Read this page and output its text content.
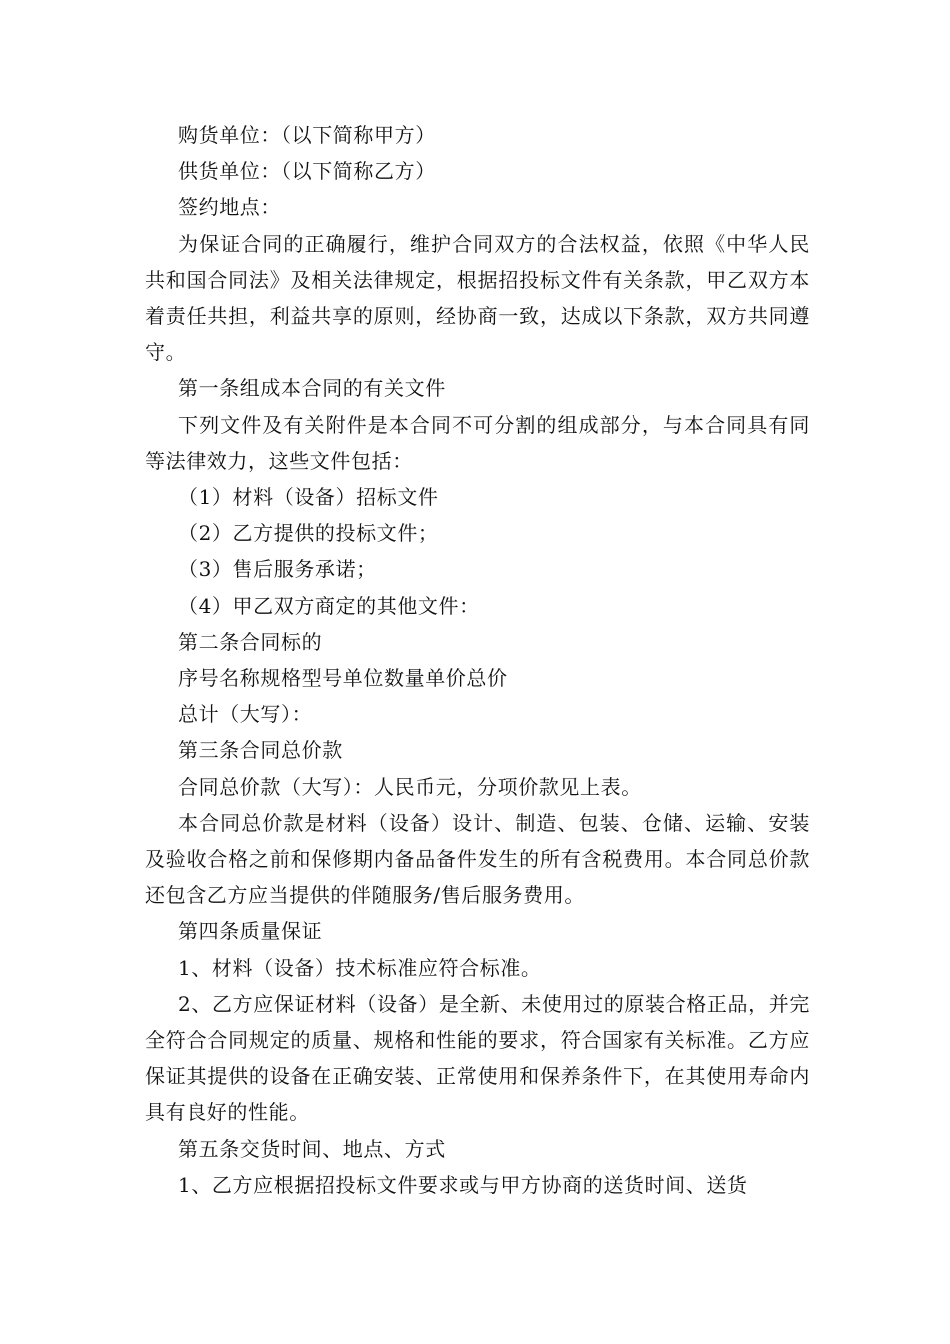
购货单位：（以下简称甲方）

供货单位：（以下简称乙方）

签约地点：

为保证合同的正确履行，维护合同双方的合法权益，依照《中华人民共和国合同法》及相关法律规定，根据招投标文件有关条款，甲乙双方本着责任共担，利益共享的原则，经协商一致，达成以下条款，双方共同遵守。

第一条组成本合同的有关文件

下列文件及有关附件是本合同不可分割的组成部分，与本合同具有同等法律效力，这些文件包括：

（1）材料（设备）招标文件

（2）乙方提供的投标文件；

（3）售后服务承诺；

（4）甲乙双方商定的其他文件：

第二条合同标的

序号名称规格型号单位数量单价总价

总计（大写）：

第三条合同总价款

合同总价款（大写）：人民币元，分项价款见上表。

本合同总价款是材料（设备）设计、制造、包装、仓储、运输、安装及验收合格之前和保修期内备品备件发生的所有含税费用。本合同总价款还包含乙方应当提供的伴随服务/售后服务费用。

第四条质量保证

1、材料（设备）技术标准应符合标准。

2、乙方应保证材料（设备）是全新、未使用过的原装合格正品，并完全符合合同规定的质量、规格和性能的要求，符合国家有关标准。乙方应保证其提供的设备在正确安装、正常使用和保养条件下，在其使用寿命内具有良好的性能。

第五条交货时间、地点、方式

1、乙方应根据招投标文件要求或与甲方协商的送货时间、送货
